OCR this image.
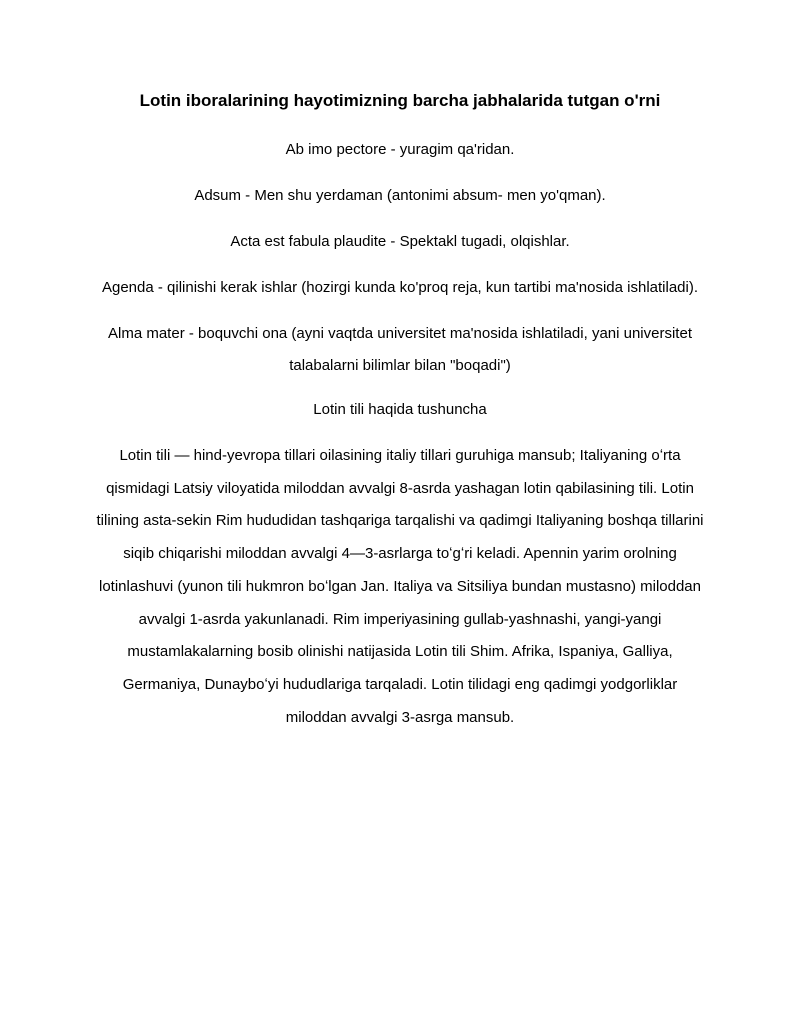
Lotin iboralarining hayotimizning barcha jabhalarida tutgan o'rni

Ab imo pectore - yuragim qa'ridan.

Adsum - Men shu yerdaman (antonimi absum- men yo'qman).

Acta est fabula plaudite - Spektakl tugadi, olqishlar.

Agenda - qilinishi kerak ishlar (hozirgi kunda ko'proq reja, kun tartibi ma'nosida ishlatiladi).

Alma mater - boquvchi ona (ayni vaqtda universitet ma'nosida ishlatiladi, yani universitet talabalarni bilimlar bilan "boqadi")

Lotin tili haqida tushuncha

Lotin tili — hind-yevropa tillari oilasining italiy tillari guruhiga mansub; Italiyaning oʻrta qismidagi Latsiy viloyatida miloddan avvalgi 8-asrda yashagan lotin qabilasining tili. Lotin tilining asta-sekin Rim hududidan tashqariga tarqalishi va qadimgi Italiyaning boshqa tillarini siqib chiqarishi miloddan avvalgi 4—3-asrlarga toʻgʻri keladi. Apennin yarim orolning lotinlashuvi (yunon tili hukmron boʻlgan Jan. Italiya va Sitsiliya bundan mustasno) miloddan avvalgi 1-asrda yakunlanadi. Rim imperiyasining gullab-yashnashi, yangi-yangi mustamlakalarning bosib olinishi natijasida Lotin tili Shim. Afrika, Ispaniya, Galliya, Germaniya, Dunayboʻyi hududlariga tarqaladi. Lotin tilidagi eng qadimgi yodgorliklar miloddan avvalgi 3-asrga mansub.
